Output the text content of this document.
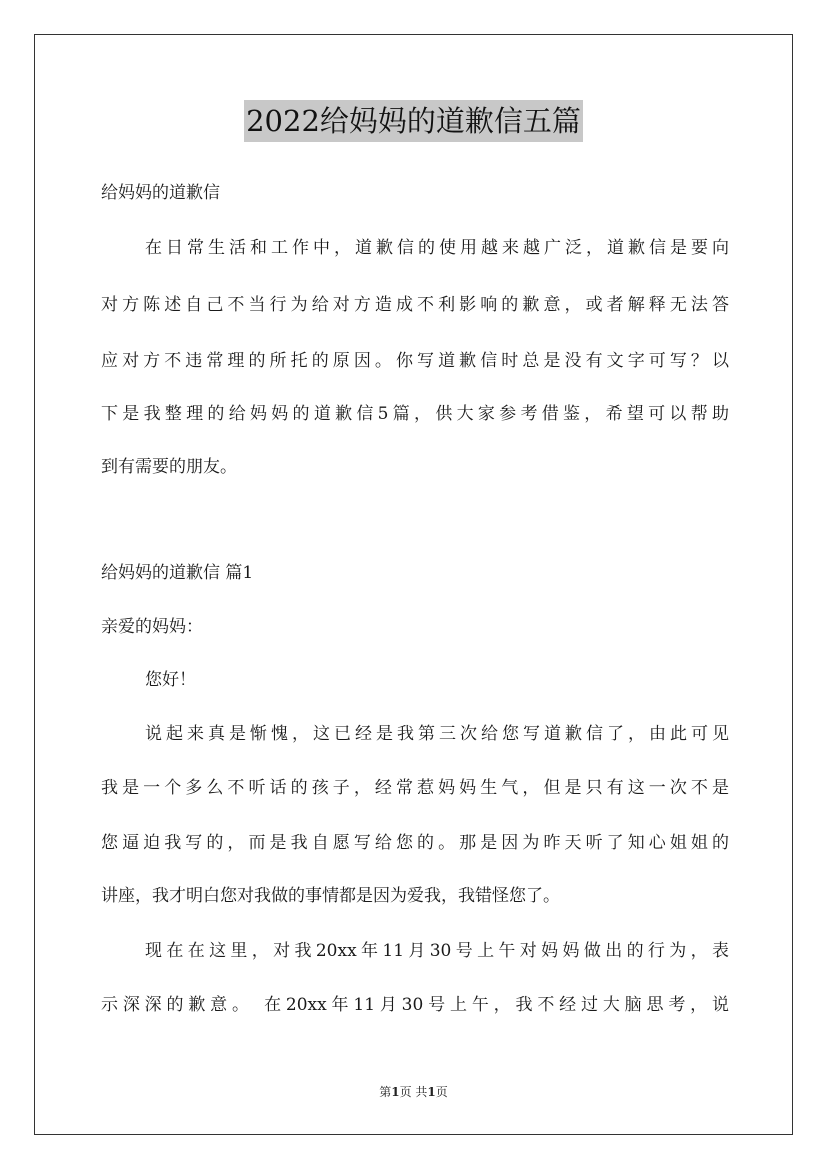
2022给妈妈的道歉信五篇
给妈妈的道歉信
在日常生活和工作中，道歉信的使用越来越广泛，道歉信是要向
对方陈述自己不当行为给对方造成不利影响的歉意，或者解释无法答
应对方不违常理的所托的原因。你写道歉信时总是没有文字可写？以
下是我整理的给妈妈的道歉信5篇，供大家参考借鉴，希望可以帮助
到有需要的朋友。
给妈妈的道歉信 篇1
亲爱的妈妈：
您好！
说起来真是惭愧，这已经是我第三次给您写道歉信了，由此可见
我是一个多么不听话的孩子，经常惹妈妈生气，但是只有这一次不是
您逼迫我写的，而是我自愿写给您的。那是因为昨天听了知心姐姐的
讲座，我才明白您对我做的事情都是因为爱我，我错怪您了。
现在在这里，对我20xx年11月30号上午对妈妈做出的行为，表
示深深的歉意。 在20xx年11月30号上午，我不经过大脑思考，说
第1页 共1页
